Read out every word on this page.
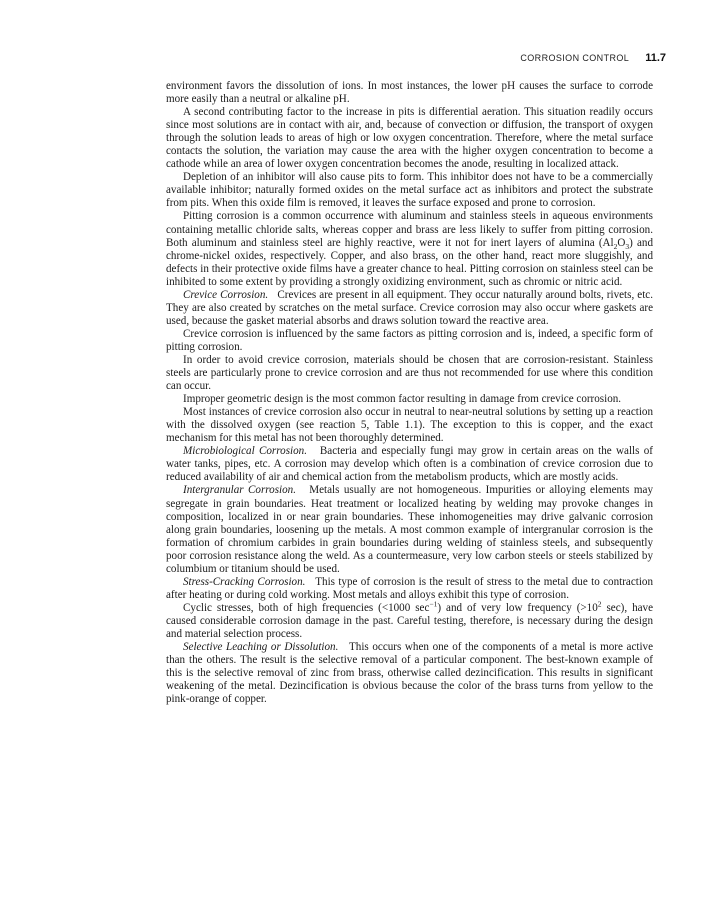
CORROSION CONTROL 11.7

environment favors the dissolution of ions. In most instances, the lower pH causes the surface to corrode more easily than a neutral or alkaline pH.

A second contributing factor to the increase in pits is differential aeration. This situation readily occurs since most solutions are in contact with air, and, because of convection or diffusion, the transport of oxygen through the solution leads to areas of high or low oxygen concentration. Therefore, where the metal surface contacts the solution, the variation may cause the area with the higher oxygen concentration to become a cathode while an area of lower oxygen concentration becomes the anode, resulting in localized attack.

Depletion of an inhibitor will also cause pits to form. This inhibitor does not have to be a commercially available inhibitor; naturally formed oxides on the metal surface act as inhibitors and protect the substrate from pits. When this oxide film is removed, it leaves the surface exposed and prone to corrosion.

Pitting corrosion is a common occurrence with aluminum and stainless steels in aqueous environments containing metallic chloride salts, whereas copper and brass are less likely to suffer from pitting corrosion. Both aluminum and stainless steel are highly reactive, were it not for inert layers of alumina $(Al_2O_3)$ and chrome-nickel oxides, respectively. Copper, and also brass, on the other hand, react more sluggishly, and defects in their protective oxide films have a greater chance to heal. Pitting corrosion on stainless steel can be inhibited to some extent by providing a strongly oxidizing environment, such as chromic or nitric acid.

Crevice Corrosion. Crevices are present in all equipment. They occur naturally around bolts, rivets, etc. They are also created by scratches on the metal surface. Crevice corrosion may also occur where gaskets are used, because the gasket material absorbs and draws solution toward the reactive area.

Crevice corrosion is influenced by the same factors as pitting corrosion and is, indeed, a specific form of pitting corrosion.

In order to avoid crevice corrosion, materials should be chosen that are corrosion-resistant. Stainless steels are particularly prone to crevice corrosion and are thus not recommended for use where this condition can occur.

Improper geometric design is the most common factor resulting in damage from crevice corrosion.

Most instances of crevice corrosion also occur in neutral to near-neutral solutions by setting up a reaction with the dissolved oxygen (see reaction 5, Table 1.1). The exception to this is copper, and the exact mechanism for this metal has not been thoroughly determined.

Microbiological Corrosion. Bacteria and especially fungi may grow in certain areas on the walls of water tanks, pipes, etc. A corrosion may develop which often is a combination of crevice corrosion due to reduced availability of air and chemical action from the metabolism products, which are mostly acids.

Intergranular Corrosion. Metals usually are not homogeneous. Impurities or alloying elements may segregate in grain boundaries. Heat treatment or localized heating by welding may provoke changes in composition, localized in or near grain boundaries. These inhomogeneities may drive galvanic corrosion along grain boundaries, loosening up the metals. A most common example of intergranular corrosion is the formation of chromium carbides in grain boundaries during welding of stainless steels, and subsequently poor corrosion resistance along the weld. As a countermeasure, very low carbon steels or steels stabilized by columbium or titanium should be used.

Stress-Cracking Corrosion. This type of corrosion is the result of stress to the metal due to contraction after heating or during cold working. Most metals and alloys exhibit this type of corrosion.

Cyclic stresses, both of high frequencies (<1000 $\sec^{-1}$) and of very low frequency ($>10^2$ sec), have caused considerable corrosion damage in the past. Careful testing, therefore, is necessary during the design and material selection process.

Selective Leaching or Dissolution. This occurs when one of the components of a metal is more active than the others. The result is the selective removal of a particular component. The best-known example of this is the selective removal of zinc from brass, otherwise called dezincification. This results in significant weakening of the metal. Dezincification is obvious because the color of the brass turns from yellow to the pink-orange of copper.
